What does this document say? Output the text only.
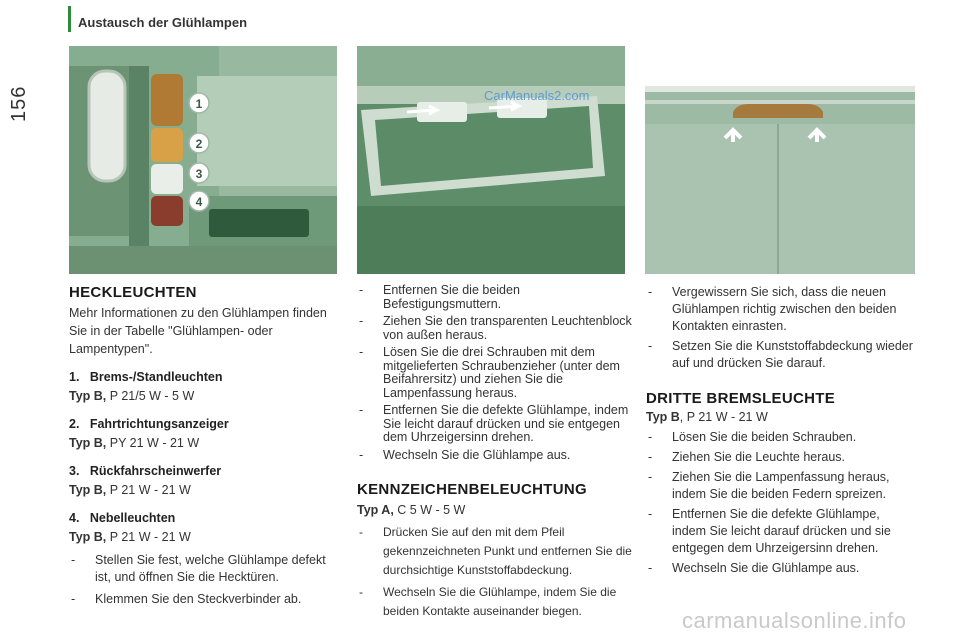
156
Austausch der Glühlampen
1
2
3
4
CarManuals2.com
HECKLEUCHTEN
Mehr Informationen zu den Glühlampen finden Sie in der Tabelle "Glühlampen- oder Lampentypen".
1.   Brems-/Standleuchten
Typ B, P 21/5 W - 5 W
2.   Fahrtrichtungsanzeiger
Typ B, PY 21 W - 21 W
3.   Rückfahrscheinwerfer
Typ B, P 21 W - 21 W
4.   Nebelleuchten
Typ B, P 21 W - 21 W
- Stellen Sie fest, welche Glühlampe defekt ist, und öffnen Sie die Hecktüren.
- Klemmen Sie den Steckverbinder ab.
- Entfernen Sie die beiden Befestigungsmuttern.
- Ziehen Sie den transparenten Leuchtenblock von außen heraus.
- Lösen Sie die drei Schrauben mit dem mitgelieferten Schraubenzieher (unter dem Beifahrersitz) und ziehen Sie die Lampenfassung heraus.
- Entfernen Sie die defekte Glühlampe, indem Sie leicht darauf drücken und sie entgegen dem Uhrzeigersinn drehen.
- Wechseln Sie die Glühlampe aus.
KENNZEICHENBELEUCHTUNG
Typ A, C 5 W - 5 W
- Drücken Sie auf den mit dem Pfeil gekennzeichneten Punkt und entfernen Sie die durchsichtige Kunststoffabdeckung.
- Wechseln Sie die Glühlampe, indem Sie die beiden Kontakte auseinander biegen.
- Vergewissern Sie sich, dass die neuen Glühlampen richtig zwischen den beiden Kontakten einrasten.
- Setzen Sie die Kunststoffabdeckung wieder auf und drücken Sie darauf.
DRITTE BREMSLEUCHTE
Typ B, P 21 W - 21 W
- Lösen Sie die beiden Schrauben.
- Ziehen Sie die Leuchte heraus.
- Ziehen Sie die Lampenfassung heraus, indem Sie die beiden Federn spreizen.
- Entfernen Sie die defekte Glühlampe, indem Sie leicht darauf drücken und sie entgegen dem Uhrzeigersinn drehen.
- Wechseln Sie die Glühlampe aus.
carmanualsonline.info
